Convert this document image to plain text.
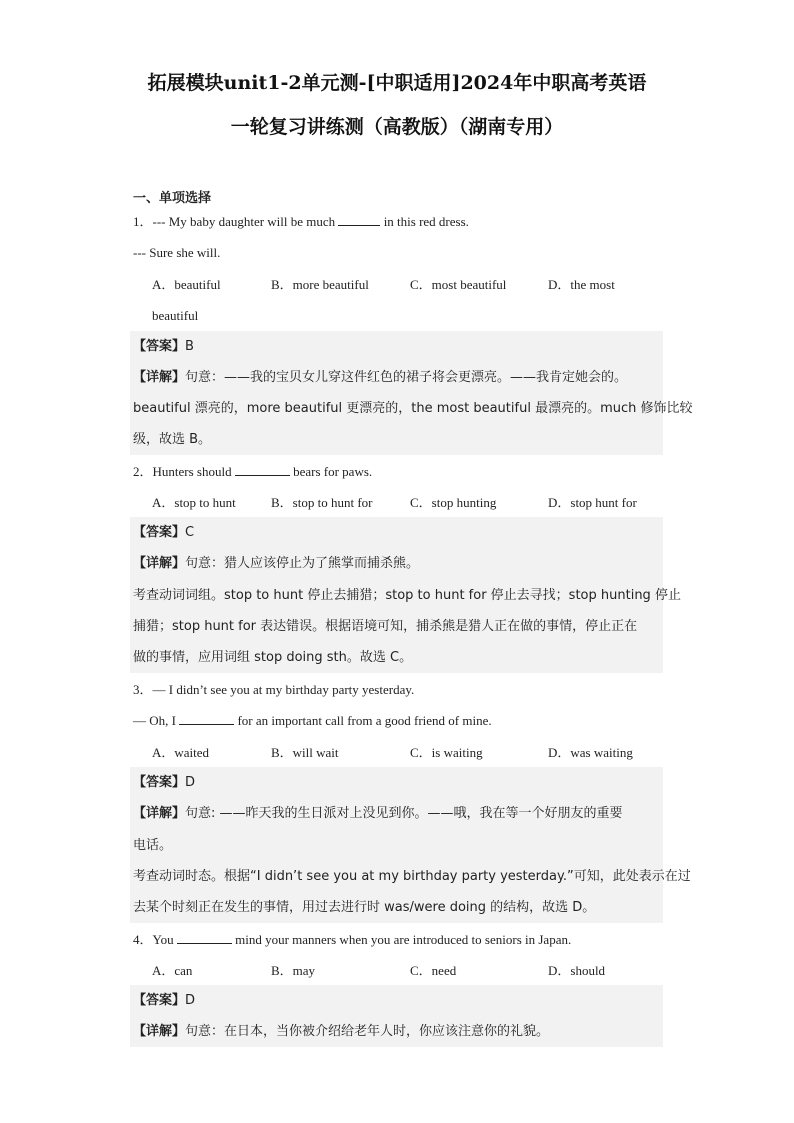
拓展模块unit1-2单元测-[中职适用]2024年中职高考英语
一轮复习讲练测（高教版）（湖南专用）
一、单项选择
1．--- My baby daughter will be much	in this red dress.
--- Sure she will.
A．beautiful	B．more beautiful	C．most beautiful	D．the most
beautiful
【答案】B
【详解】句意：——我的宝贝女儿穿这件红色的裙子将会更漂亮。——我肯定她会的。
beautiful 漂亮的，more beautiful 更漂亮的，the most beautiful 最漂亮的。much 修饰比较
级，故选 B。
2．Hunters should	bears for paws.
A．stop to hunt	B．stop to hunt for	C．stop hunting	D．stop hunt for
【答案】C
【详解】句意：猎人应该停止为了熊掌而捕杀熊。
考查动词词组。stop to hunt 停止去捕猎；stop to hunt for 停止去寻找；stop hunting 停止
捕猎；stop hunt for 表达错误。根据语境可知，捕杀熊是猎人正在做的事情，停止正在
做的事情，应用词组 stop doing sth。故选 C。
3．— I didn’t see you at my birthday party yesterday.
— Oh, I	for an important call from a good friend of mine.
A．waited	B．will wait	C．is waiting	D．was waiting
【答案】D
【详解】句意: ——昨天我的生日派对上没见到你。——哦，我在等一个好朋友的重要
电话。
考查动词时态。根据“I didn’t see you at my birthday party yesterday.”可知，此处表示在过
去某个时刻正在发生的事情，用过去进行时 was/were doing 的结构，故选 D。
4．You	mind your manners when you are introduced to seniors in Japan.
A．can	B．may	C．need	D．should
【答案】D
【详解】句意：在日本，当你被介绍给老年人时，你应该注意你的礼貌。
